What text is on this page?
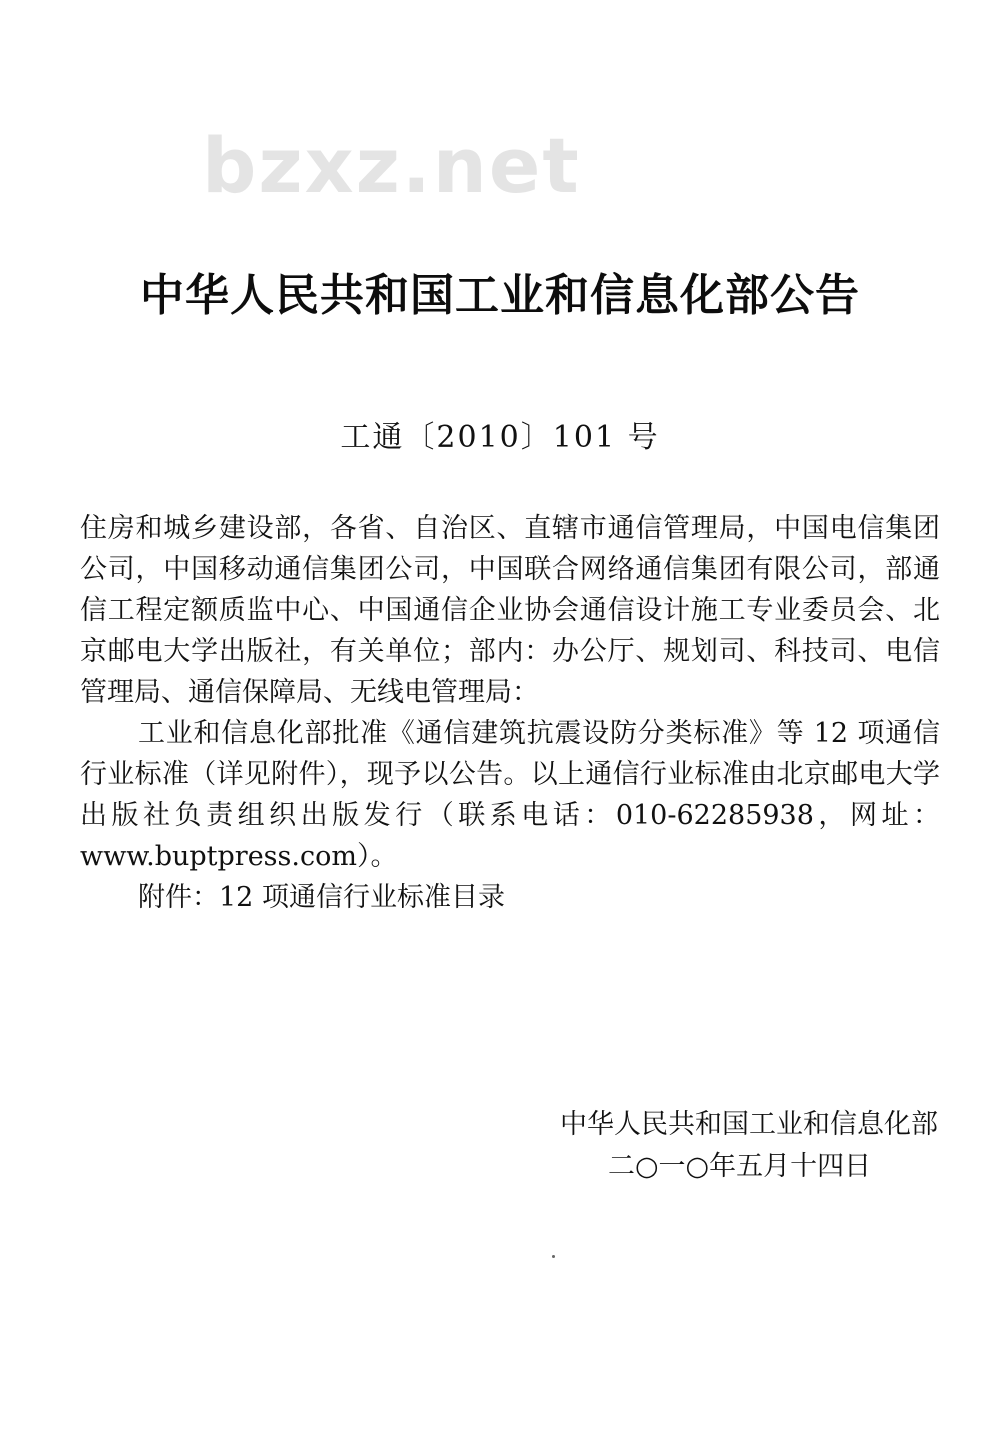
bzxz.net
中华人民共和国工业和信息化部公告
工通〔2010〕101 号

住房和城乡建设部，各省、自治区、直辖市通信管理局，中国电信集团公司，中国移动通信集团公司，中国联合网络通信集团有限公司，部通信工程定额质监中心、中国通信企业协会通信设计施工专业委员会、北京邮电大学出版社，有关单位；部内：办公厅、规划司、科技司、电信管理局、通信保障局、无线电管理局：

工业和信息化部批准《通信建筑抗震设防分类标准》等 12 项通信行业标准（详见附件），现予以公告。以上通信行业标准由北京邮电大学出版社负责组织出版发行（联系电话：010-62285938，网址：www.buptpress.com）。

附件：12 项通信行业标准目录

中华人民共和国工业和信息化部
二○一○年五月十四日
